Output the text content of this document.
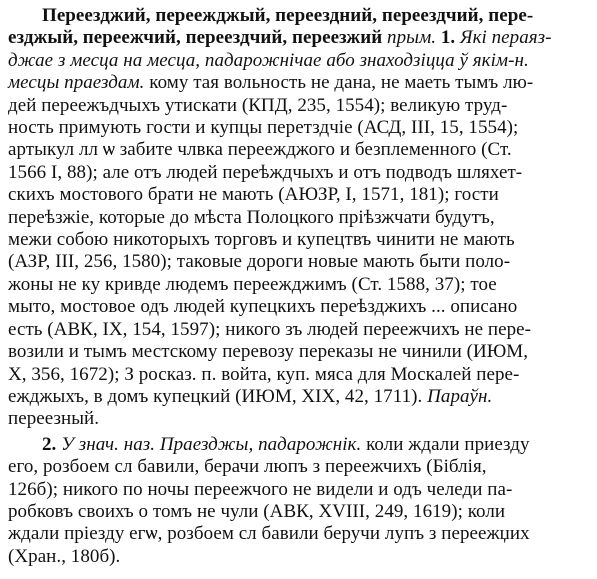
Переезджий, переежджый, переездний, переездчий, пере-
езджый, переежчий, переездчий, переезжий прым. 1. Які пераяз-
джае з месца на месца, падарожнічае або знаходзіцца ў якім-н.
месцы праездам. кому тая вольность не дана, не маеть тымъ лю-
дей переежъдчыхъ утискати (КПД, 235, 1554); великую труд-
ность примують гости и купцы перетздчіе (АСД, III, 15, 1554);
артыкул лл ѡ забите члвка переежджого и безплеменного (Ст.
1566 I, 88); але отъ людей переѣждчыхъ и отъ подводъ шляхет-
скихъ мостового брати не мають (АЮЗР, I, 1571, 181); гости
переѣзжіе, которые до мѣста Полоцкого пріѣзжчати будутъ,
межи собою никоторыхъ торговъ и купецтвъ чинити не мають
(АЗР, III, 256, 1580); таковые дороги новые мають быти поло-
жоны не ку кривде людемъ переежджимъ (Ст. 1588, 37); тое
мыто, мостовое одъ людей купецкихъ переѣзджихъ ... описано
есть (АВК, IX, 154, 1597); никого зъ людей переежчихъ не пере-
возили и тымъ местскому перевозу переказы не чинили (ИЮМ,
X, 356, 1672); З росказ. п. войта, куп. мяса для Москалей пере-
ежджыхъ, в домъ купецкий (ИЮМ, XIX, 42, 1711). Параўн.
переезный.
2. У знач. наз. Праезджы, падарожнік. коли ждали приездy
его, розбоем сл бавили, берачи люпъ з переежчихъ (Біблія,
126б); никого по ночы переежчого не видели и одъ челеди па-
робковъ своихъ о томъ не чули (АВК, XVIII, 249, 1619); коли
ждали пріезду егѡ, розбоем сл бавили беручи лупъ з переежџих
(Хран., 180б).
